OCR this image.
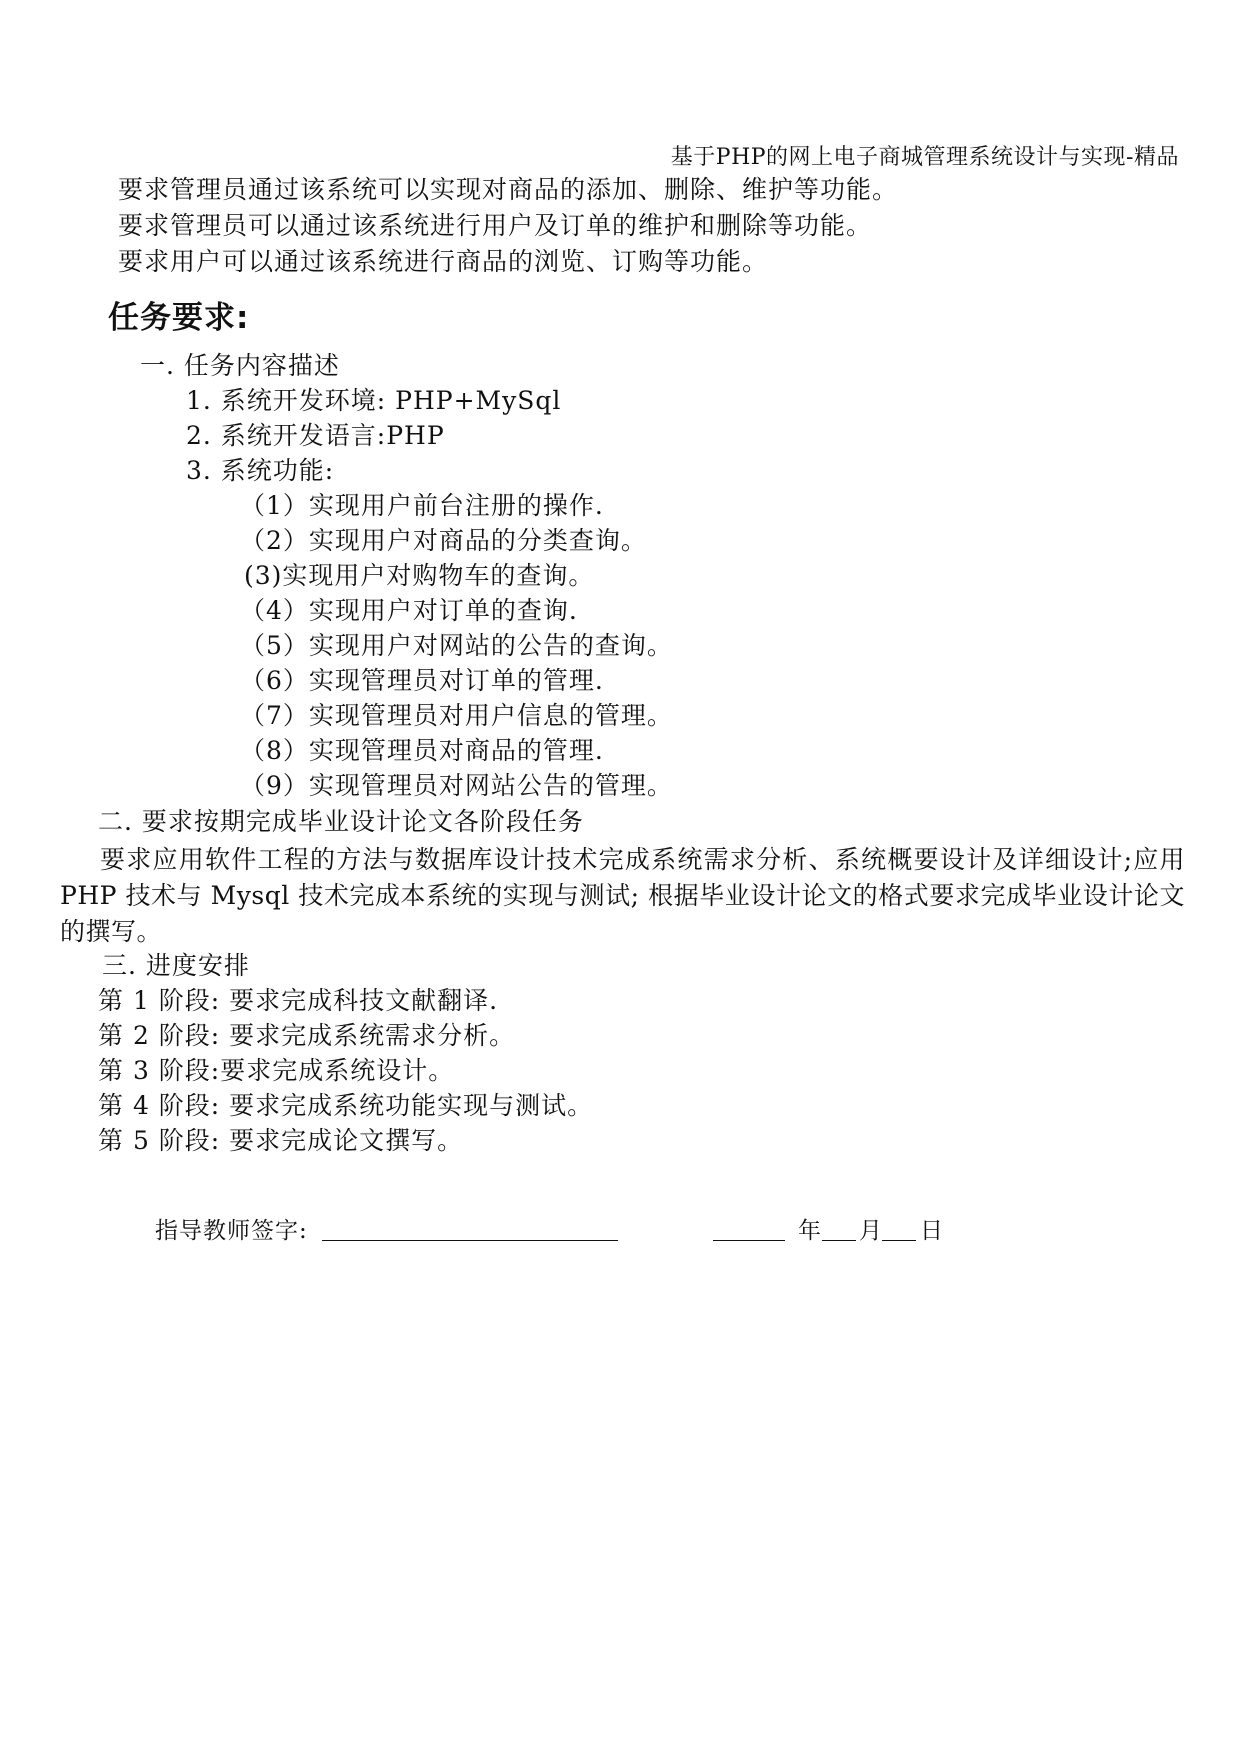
基于PHP的网上电子商城管理系统设计与实现-精品
要求管理员通过该系统可以实现对商品的添加、删除、维护等功能。
要求管理员可以通过该系统进行用户及订单的维护和删除等功能。
要求用户可以通过该系统进行商品的浏览、订购等功能。
任务要求:
一. 任务内容描述
1. 系统开发环境: PHP+MySql
2. 系统开发语言:PHP
3. 系统功能:
（1）实现用户前台注册的操作.
（2）实现用户对商品的分类查询。
(3)实现用户对购物车的查询。
（4）实现用户对订单的查询.
（5）实现用户对网站的公告的查询。
（6）实现管理员对订单的管理.
（7）实现管理员对用户信息的管理。
（8）实现管理员对商品的管理.
（9）实现管理员对网站公告的管理。
二. 要求按期完成毕业设计论文各阶段任务

要求应用软件工程的方法与数据库设计技术完成系统需求分析、系统概要设计及详细设计;应用 PHP 技术与 Mysql 技术完成本系统的实现与测试; 根据毕业设计论文的格式要求完成毕业设计论文的撰写。

三. 进度安排
第 1 阶段: 要求完成科技文献翻译.
第 2 阶段: 要求完成系统需求分析。
第 3 阶段:要求完成系统设计。
第 4 阶段: 要求完成系统功能实现与测试。
第 5 阶段: 要求完成论文撰写。
指导教师签字:	年 月 日
